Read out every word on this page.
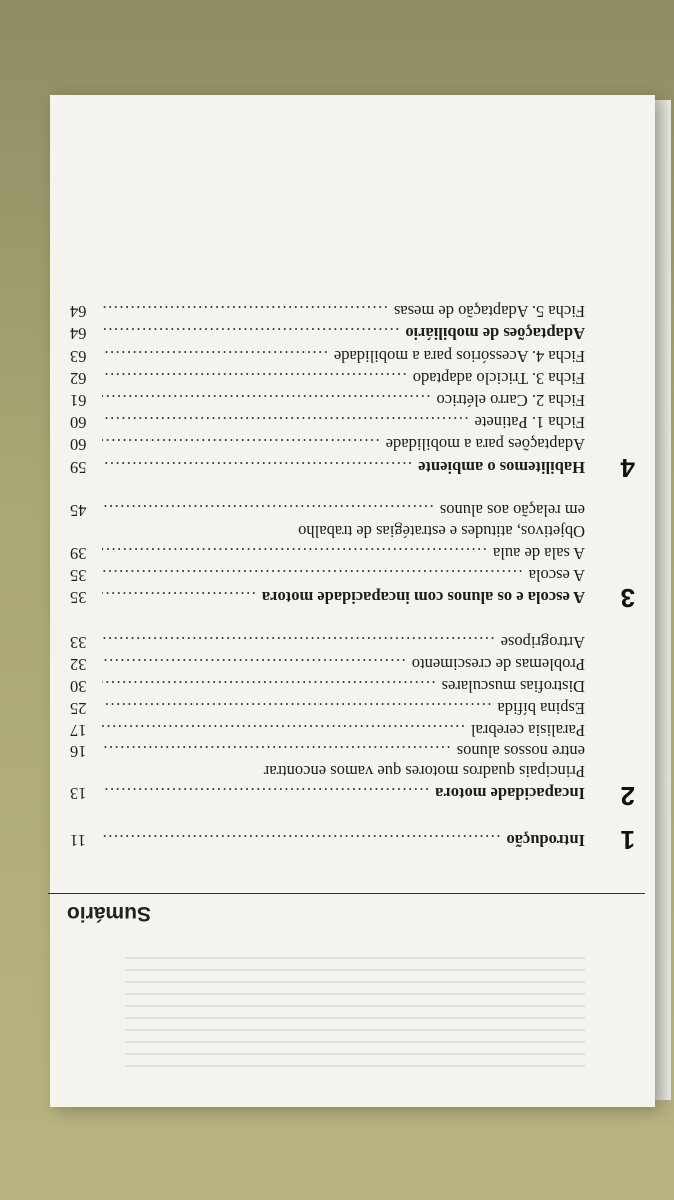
Sumário
1
Introdução
.....
11
2
Incapacidade motora
.....
13
Principais quadros motores que vamos encontrar
entre nossos alunos
.....
16
Paralisia cerebral
.....
17
Espina bífida
.....
25
Distrofias musculares
.....
30
Problemas de crescimento
.....
32
Artrogripose
.....
33
3
A escola e os alunos com incapacidade motora
.....
35
A escola
.....
35
A sala de aula
.....
39
Objetivos, atitudes e estratégias de trabalho
em relação aos alunos
.....
45
4
Habilitemos o ambiente
.....
59
Adaptações para a mobilidade
.....
60
Ficha 1. Patinete
.....
60
Ficha 2. Carro elétrico
.....
61
Ficha 3. Triciclo adaptado
.....
62
Ficha 4. Acessórios para a mobilidade
.....
63
Adaptações de mobiliário
.....
64
Ficha 5. Adaptação de mesas
.....
64
